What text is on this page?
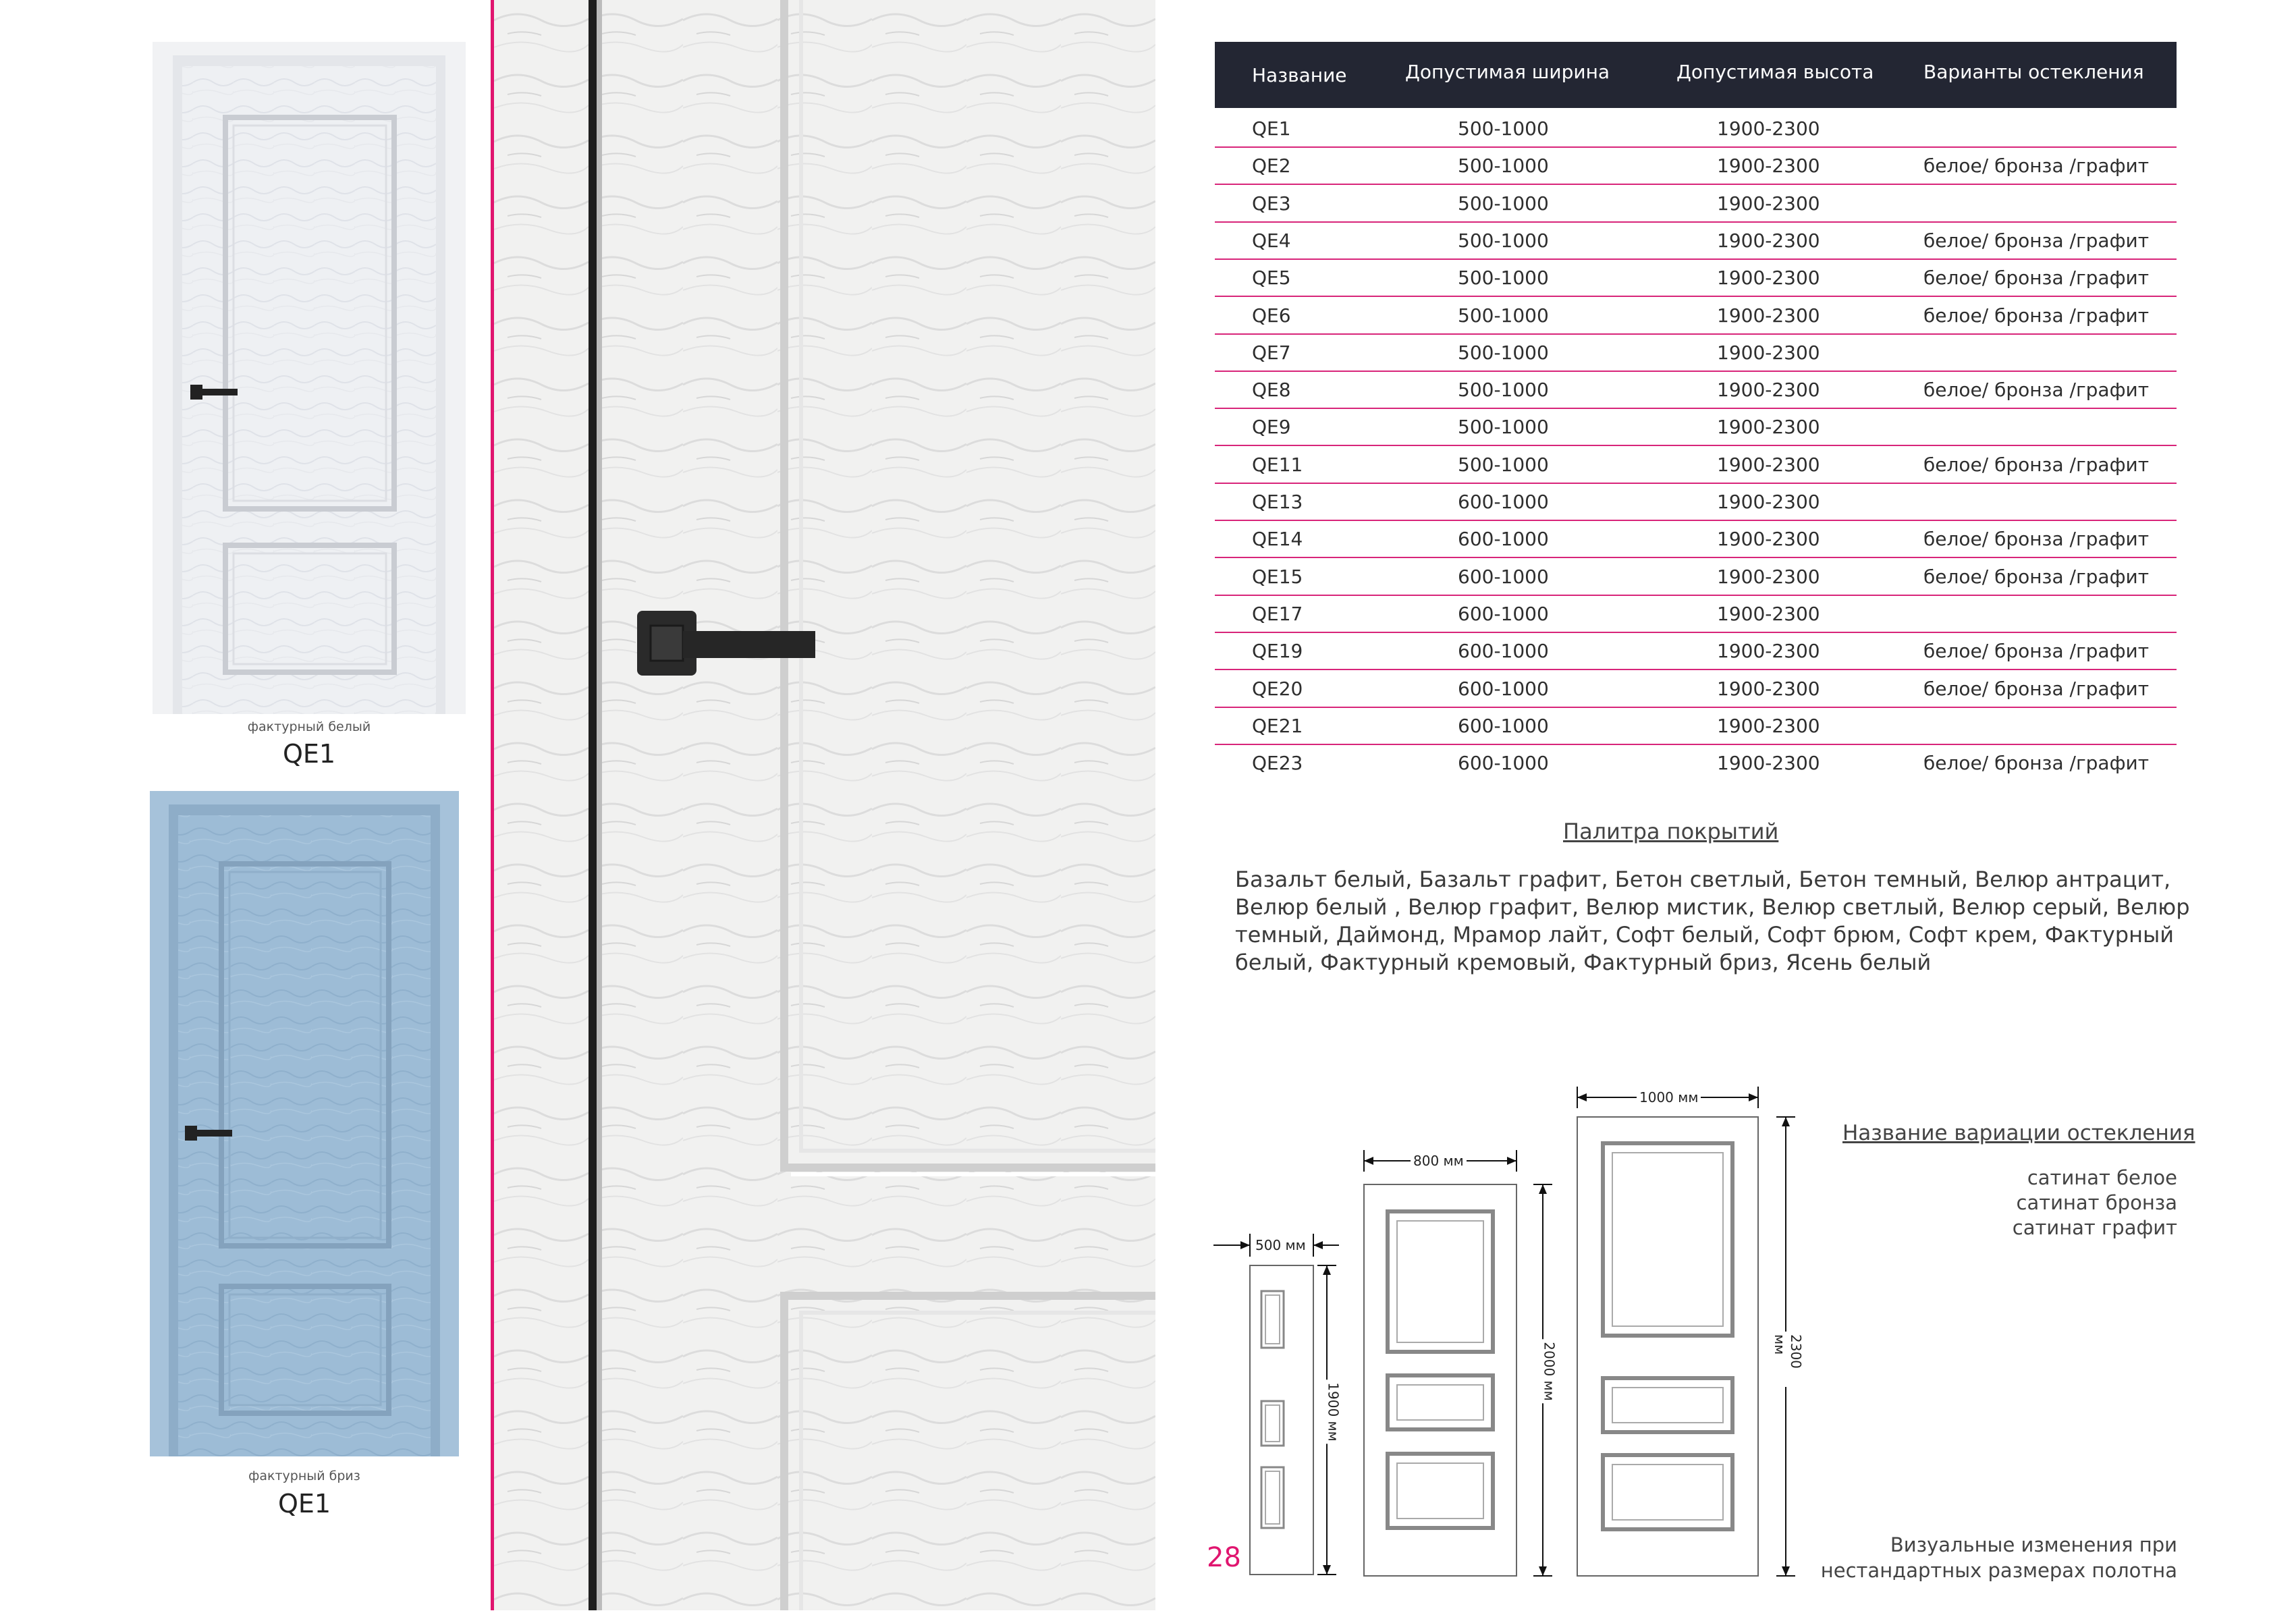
фактурный белый
QE1
фактурный бриз
QE1
Название	Допустимая ширина	Допустимая высота	Варианты остекления
QE1	500-1000	1900-2300
QE2	500-1000	1900-2300	белое/ бронза /графит
QE3	500-1000	1900-2300
QE4	500-1000	1900-2300	белое/ бронза /графит
QE5	500-1000	1900-2300	белое/ бронза /графит
QE6	500-1000	1900-2300	белое/ бронза /графит
QE7	500-1000	1900-2300
QE8	500-1000	1900-2300	белое/ бронза /графит
QE9	500-1000	1900-2300
QE11	500-1000	1900-2300	белое/ бронза /графит
QE13	600-1000	1900-2300
QE14	600-1000	1900-2300	белое/ бронза /графит
QE15	600-1000	1900-2300	белое/ бронза /графит
QE17	600-1000	1900-2300
QE19	600-1000	1900-2300	белое/ бронза /графит
QE20	600-1000	1900-2300	белое/ бронза /графит
QE21	600-1000	1900-2300
QE23	600-1000	1900-2300	белое/ бронза /графит
Палитра покрытий
Базальт белый, Базальт графит, Бетон светлый, Бетон темный, Велюр антрацит, Велюр белый , Велюр графит, Велюр мистик, Велюр светлый, Велюр серый, Велюр темный, Даймонд, Мрамор лайт, Софт белый, Софт брюм, Софт крем, Фактурный белый, Фактурный кремовый, Фактурный бриз, Ясень белый
500 мм
800 мм
1000 мм
1900 мм
2000 мм	2300 мм
Название вариации остекления
сатинат белое
сатинат бронза
сатинат графит
Визуальные изменения при
нестандартных размерах полотна
28
